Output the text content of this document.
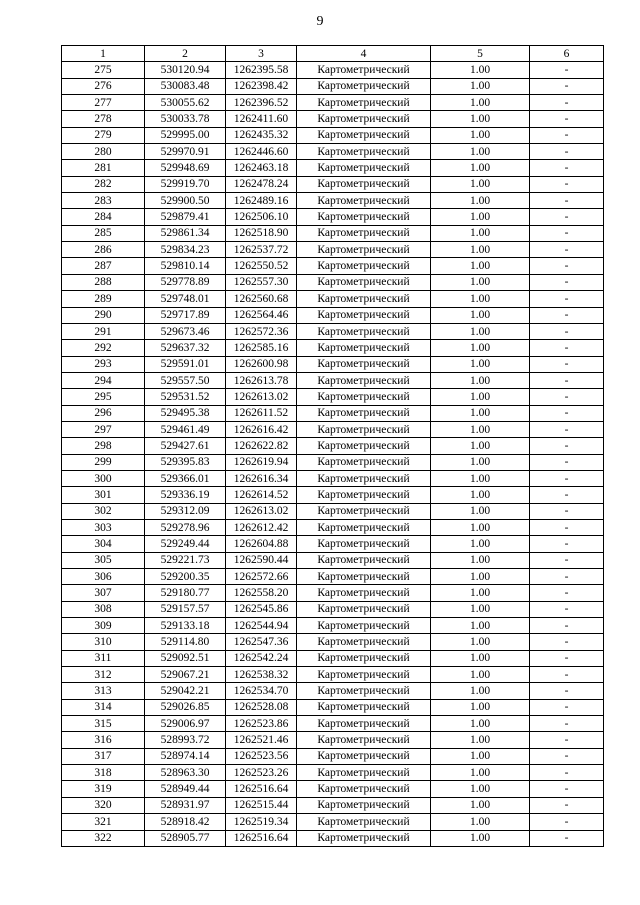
9
1	2	3	4	5	6
275	530120.94	1262395.58	Картометрический	1.00	-
276	530083.48	1262398.42	Картометрический	1.00	-
277	530055.62	1262396.52	Картометрический	1.00	-
278	530033.78	1262411.60	Картометрический	1.00	-
279	529995.00	1262435.32	Картометрический	1.00	-
280	529970.91	1262446.60	Картометрический	1.00	-
281	529948.69	1262463.18	Картометрический	1.00	-
282	529919.70	1262478.24	Картометрический	1.00	-
283	529900.50	1262489.16	Картометрический	1.00	-
284	529879.41	1262506.10	Картометрический	1.00	-
285	529861.34	1262518.90	Картометрический	1.00	-
286	529834.23	1262537.72	Картометрический	1.00	-
287	529810.14	1262550.52	Картометрический	1.00	-
288	529778.89	1262557.30	Картометрический	1.00	-
289	529748.01	1262560.68	Картометрический	1.00	-
290	529717.89	1262564.46	Картометрический	1.00	-
291	529673.46	1262572.36	Картометрический	1.00	-
292	529637.32	1262585.16	Картометрический	1.00	-
293	529591.01	1262600.98	Картометрический	1.00	-
294	529557.50	1262613.78	Картометрический	1.00	-
295	529531.52	1262613.02	Картометрический	1.00	-
296	529495.38	1262611.52	Картометрический	1.00	-
297	529461.49	1262616.42	Картометрический	1.00	-
298	529427.61	1262622.82	Картометрический	1.00	-
299	529395.83	1262619.94	Картометрический	1.00	-
300	529366.01	1262616.34	Картометрический	1.00	-
301	529336.19	1262614.52	Картометрический	1.00	-
302	529312.09	1262613.02	Картометрический	1.00	-
303	529278.96	1262612.42	Картометрический	1.00	-
304	529249.44	1262604.88	Картометрический	1.00	-
305	529221.73	1262590.44	Картометрический	1.00	-
306	529200.35	1262572.66	Картометрический	1.00	-
307	529180.77	1262558.20	Картометрический	1.00	-
308	529157.57	1262545.86	Картометрический	1.00	-
309	529133.18	1262544.94	Картометрический	1.00	-
310	529114.80	1262547.36	Картометрический	1.00	-
311	529092.51	1262542.24	Картометрический	1.00	-
312	529067.21	1262538.32	Картометрический	1.00	-
313	529042.21	1262534.70	Картометрический	1.00	-
314	529026.85	1262528.08	Картометрический	1.00	-
315	529006.97	1262523.86	Картометрический	1.00	-
316	528993.72	1262521.46	Картометрический	1.00	-
317	528974.14	1262523.56	Картометрический	1.00	-
318	528963.30	1262523.26	Картометрический	1.00	-
319	528949.44	1262516.64	Картометрический	1.00	-
320	528931.97	1262515.44	Картометрический	1.00	-
321	528918.42	1262519.34	Картометрический	1.00	-
322	528905.77	1262516.64	Картометрический	1.00	-
